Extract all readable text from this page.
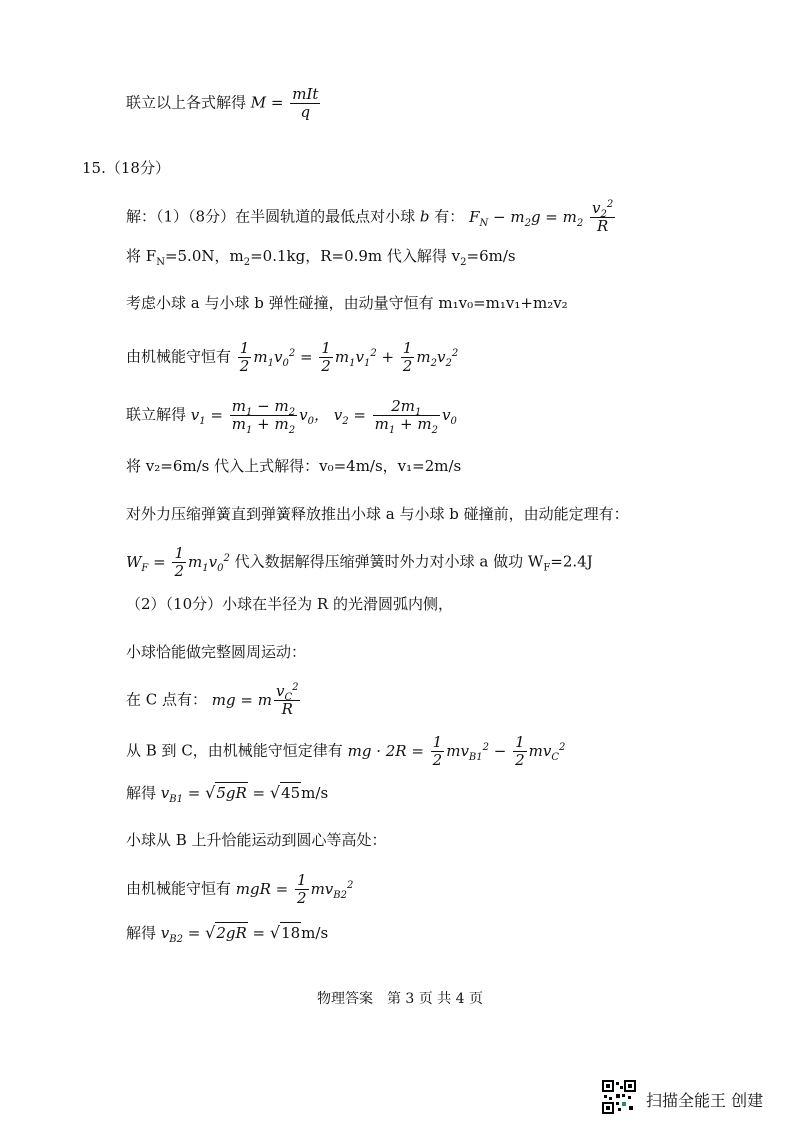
联立以上各式解得 $M = \frac{\text{mIt}}{q}$
15.（18分）
解：（1）（8分）在半圆轨道的最低点对小球 b 有： $F_N - m_2g = m_2 \frac{v_2^2}{R}$
将 $F_N=5.0N$，$m_2=0.1kg$，R=0.9m 代入解得 $v_2=6m/s$
考虑小球 a 与小球 b 弹性碰撞，由动量守恒有 m₁v₀=m₁v₁+m₂v₂
由机械能守恒有 $\frac{1}{2} m_1v_0^2 = \frac{1}{2} m_1v_1^2 + \frac{1}{2} m_2v_2^2$
联立解得 $v_1 = \frac{m_1 - m_2}{m_1 + m_2} v_0$， $v_2 = \frac{2m_1}{m_1 + m_2} v_0$
将 v₂=6m/s 代入上式解得：v₀=4m/s，v₁=2m/s
对外力压缩弹簧直到弹簧释放推出小球 a 与小球 b 碰撞前，由动能定理有：
$W_F = \frac{1}{2} m_1v_0^2$ 代入数据解得压缩弹簧时外力对小球 a 做功 $W_F=2.4J$
（2）（10分）小球在半径为 R 的光滑圆弧内侧，
小球恰能做完整圆周运动：
在 C 点有： mg = m $\frac{v_C^2}{R}$
从 B 到 C，由机械能守恒定律有 mg · $2R = \frac{1}{2} mv_{B1}^2 - \frac{1}{2} mv_C^2$
解得 $v_{B1} = √5gR = √45m/s$
小球从 B 上升恰能运动到圆心等高处：
由机械能守恒有 mgR = $\frac{1}{2} mv_{B2}^2$
解得 $v_{B2} = √2gR = √18m/s$
物理答案　第 3 页 共 4 页
扫描全能王 创建
